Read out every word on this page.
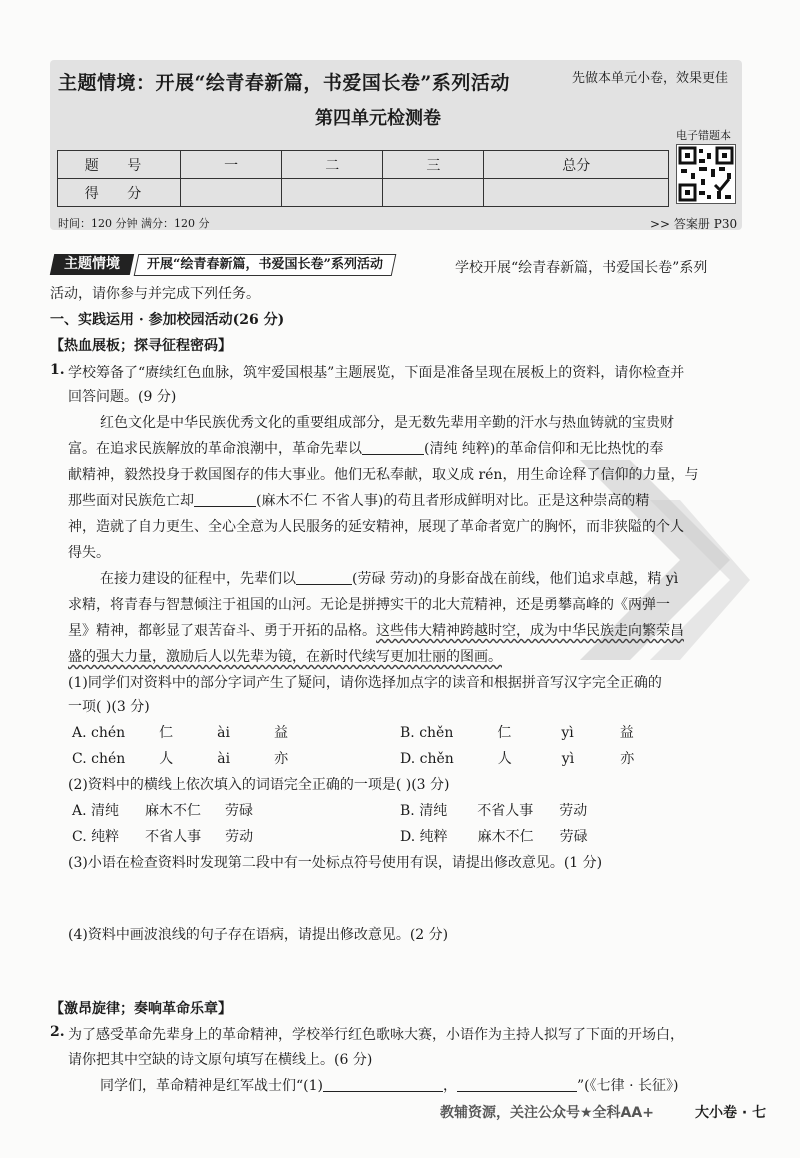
主题情境：开展“绘青春新篇，书爱国长卷”系列活动	先做本单元小卷，效果更佳
第四单元检测卷
电子错题本
题 号	一	二	三	总分
得 分				
时间：120 分钟 满分：120 分	>> 答案册 P30
主题情境	开展“绘青春新篇，书爱国长卷”系列活动	学校开展“绘青春新篇，书爱国长卷”系列
活动，请你参与并完成下列任务。
一、实践运用 · 参加校园活动(26 分)
【热血展板；探寻征程密码】
1. 学校筹备了“赓续红色血脉，筑牢爱国根基”主题展览，下面是准备呈现在展板上的资料，请你检查并
回答问题。(9 分)
红色文化是中华民族优秀文化的重要组成部分，是无数先辈用辛勤的汗水与热血铸就的宝贵财
富。在追求民族解放的革命浪潮中，革命先辈以	(清纯 纯粹)的革命信仰和无比热忱的奉
献精神，毅然投身于救国图存的伟大事业。他们无私奉献，取义成 rén，用生命诠释了信仰的力量，与
那些面对民族危亡却	(麻木不仁 不省人事)的苟且者形成鲜明对比。正是这种崇高的精
神，造就了自力更生、全心全意为人民服务的延安精神，展现了革命者宽广的胸怀，而非狭隘的个人
得失。
在接力建设的征程中，先辈们以	(劳碌 劳动)的身影奋战在前线，他们追求卓越，精 yì
求精，将青春与智慧倾注于祖国的山河。无论是拼搏实干的北大荒精神，还是勇攀高峰的《两弹一
星》精神，都彰显了艰苦奋斗、勇于开拓的品格。这些伟大精神跨越时空，成为中华民族走向繁荣昌
盛的强大力量，激励后人以先辈为镜，在新时代续写更加壮丽的图画。
(1)同学们对资料中的部分字词产生了疑问，请你选择加点字的读音和根据拼音写汉字完全正确的
一项( )(3 分)
A. chén 仁	ài	益	B. chěn	仁	yì	益
C. chén 人	ài	亦	D. chěn	人	yì	亦
(2)资料中的横线上依次填入的词语完全正确的一项是( )(3 分)
A. 清纯 麻木不仁 劳碌	B. 清纯 不省人事 劳动
C. 纯粹 不省人事 劳动	D. 纯粹 麻木不仁 劳碌
(3)小语在检查资料时发现第二段中有一处标点符号使用有误，请提出修改意见。(1 分)
(4)资料中画波浪线的句子存在语病，请提出修改意见。(2 分)
【激昂旋律；奏响革命乐章】
2. 为了感受革命先辈身上的革命精神，学校举行红色歌咏大赛，小语作为主持人拟写了下面的开场白，
请你把其中空缺的诗文原句填写在横线上。(6 分)
同学们，革命精神是红军战士们“(1)	，	”(《七律 · 长征》)
教辅资源，关注公众号★全科AA+	大小卷 · 七
